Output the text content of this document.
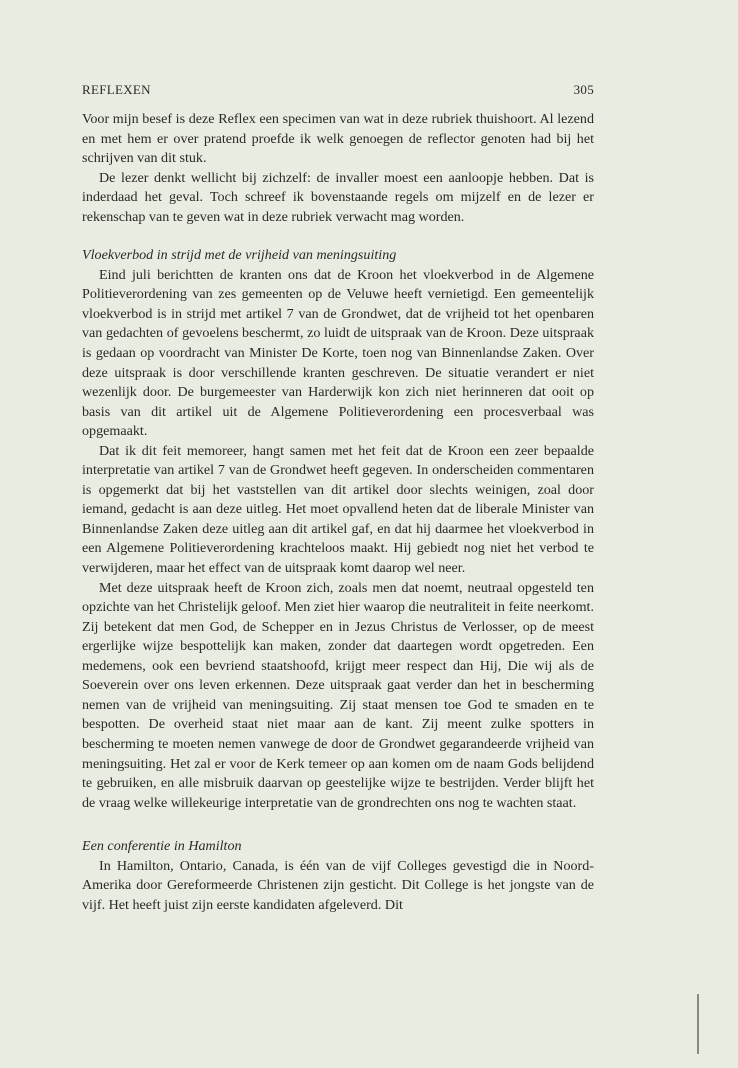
REFLEXEN	305

Voor mijn besef is deze Reflex een specimen van wat in deze rubriek thuishoort. Al lezend en met hem er over pratend proefde ik welk genoegen de reflector genoten had bij het schrijven van dit stuk.

De lezer denkt wellicht bij zichzelf: de invaller moest een aanloopje hebben. Dat is inderdaad het geval. Toch schreef ik bovenstaande regels om mijzelf en de lezer er rekenschap van te geven wat in deze rubriek verwacht mag worden.

Vloekverbod in strijd met de vrijheid van meningsuiting

Eind juli berichtten de kranten ons dat de Kroon het vloekverbod in de Algemene Politieverordening van zes gemeenten op de Veluwe heeft vernietigd. Een gemeentelijk vloekverbod is in strijd met artikel 7 van de Grondwet, dat de vrijheid tot het openbaren van gedachten of gevoelens beschermt, zo luidt de uitspraak van de Kroon. Deze uitspraak is gedaan op voordracht van Minister De Korte, toen nog van Binnenlandse Zaken. Over deze uitspraak is door verschillende kranten geschreven. De situatie verandert er niet wezenlijk door. De burgemeester van Harderwijk kon zich niet herinneren dat ooit op basis van dit artikel uit de Algemene Politieverordening een procesverbaal was opgemaakt.

Dat ik dit feit memoreer, hangt samen met het feit dat de Kroon een zeer bepaalde interpretatie van artikel 7 van de Grondwet heeft gegeven. In onderscheiden commentaren is opgemerkt dat bij het vaststellen van dit artikel door slechts weinigen, zoal door iemand, gedacht is aan deze uitleg. Het moet opvallend heten dat de liberale Minister van Binnenlandse Zaken deze uitleg aan dit artikel gaf, en dat hij daarmee het vloekverbod in een Algemene Politieverordening krachteloos maakt. Hij gebiedt nog niet het verbod te verwijderen, maar het effect van de uitspraak komt daarop wel neer.

Met deze uitspraak heeft de Kroon zich, zoals men dat noemt, neutraal opgesteld ten opzichte van het Christelijk geloof. Men ziet hier waarop die neutraliteit in feite neerkomt. Zij betekent dat men God, de Schepper en in Jezus Christus de Verlosser, op de meest ergerlijke wijze bespottelijk kan maken, zonder dat daartegen wordt opgetreden. Een medemens, ook een bevriend staatshoofd, krijgt meer respect dan Hij, Die wij als de Soeverein over ons leven erkennen. Deze uitspraak gaat verder dan het in bescherming nemen van de vrijheid van meningsuiting. Zij staat mensen toe God te smaden en te bespotten. De overheid staat niet maar aan de kant. Zij meent zulke spotters in bescherming te moeten nemen vanwege de door de Grondwet gegarandeerde vrijheid van meningsuiting. Het zal er voor de Kerk temeer op aan komen om de naam Gods belijdend te gebruiken, en alle misbruik daarvan op geestelijke wijze te bestrijden. Verder blijft het de vraag welke willekeurige interpretatie van de grondrechten ons nog te wachten staat.

Een conferentie in Hamilton

In Hamilton, Ontario, Canada, is één van de vijf Colleges gevestigd die in Noord-Amerika door Gereformeerde Christenen zijn gesticht. Dit College is het jongste van de vijf. Het heeft juist zijn eerste kandidaten afgeleverd. Dit
